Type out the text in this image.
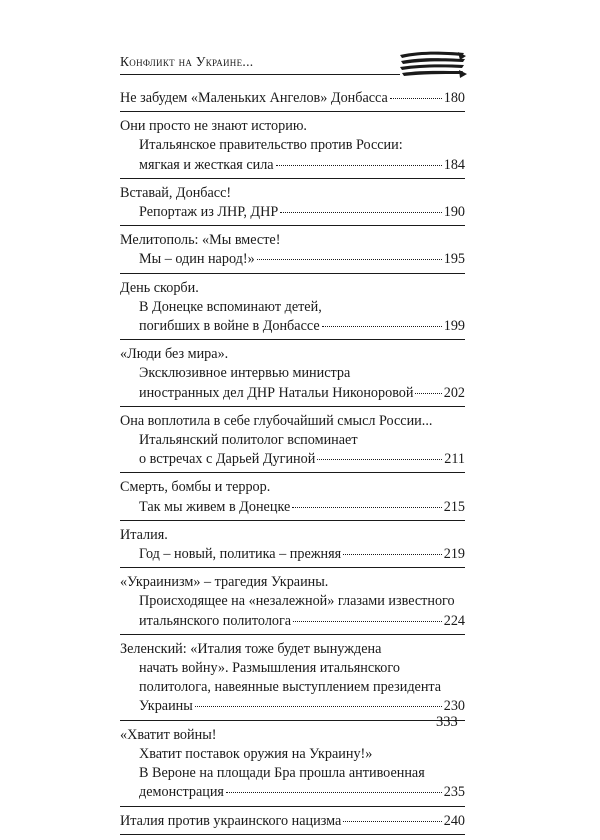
Конфликт на Украине...
Не забудем «Маленьких Ангелов» Донбасса	180
Они просто не знают историю.
Итальянское правительство против России:
мягкая и жесткая сила	184
Вставай, Донбасс!
Репортаж из ЛНР, ДНР	190
Мелитополь: «Мы вместе!
Мы – один народ!»	195
День скорби.
В Донецке вспоминают детей,
погибших в войне в Донбассе	199
«Люди без мира».
Эксклюзивное интервью министра
иностранных дел ДНР Натальи Никоноровой 202
Она воплотила в себе глубочайший смысл России...
Итальянский политолог вспоминает
о встречах с Дарьей Дугиной	211
Смерть, бомбы и террор.
Так мы живем в Донецке	215
Италия.
Год – новый, политика – прежняя	219
«Украинизм» – трагедия Украины.
Происходящее на «незалежной» глазами известного
итальянского политолога	224
Зеленский: «Италия тоже будет вынуждена
начать войну». Размышления итальянского
политолога, навеянные выступлением президента
Украины	230
«Хватит войны!
Хватит поставок оружия на Украину!»
В Вероне на площади Бра прошла антивоенная
демонстрация	235
Италия против украинского нацизма	240
333
